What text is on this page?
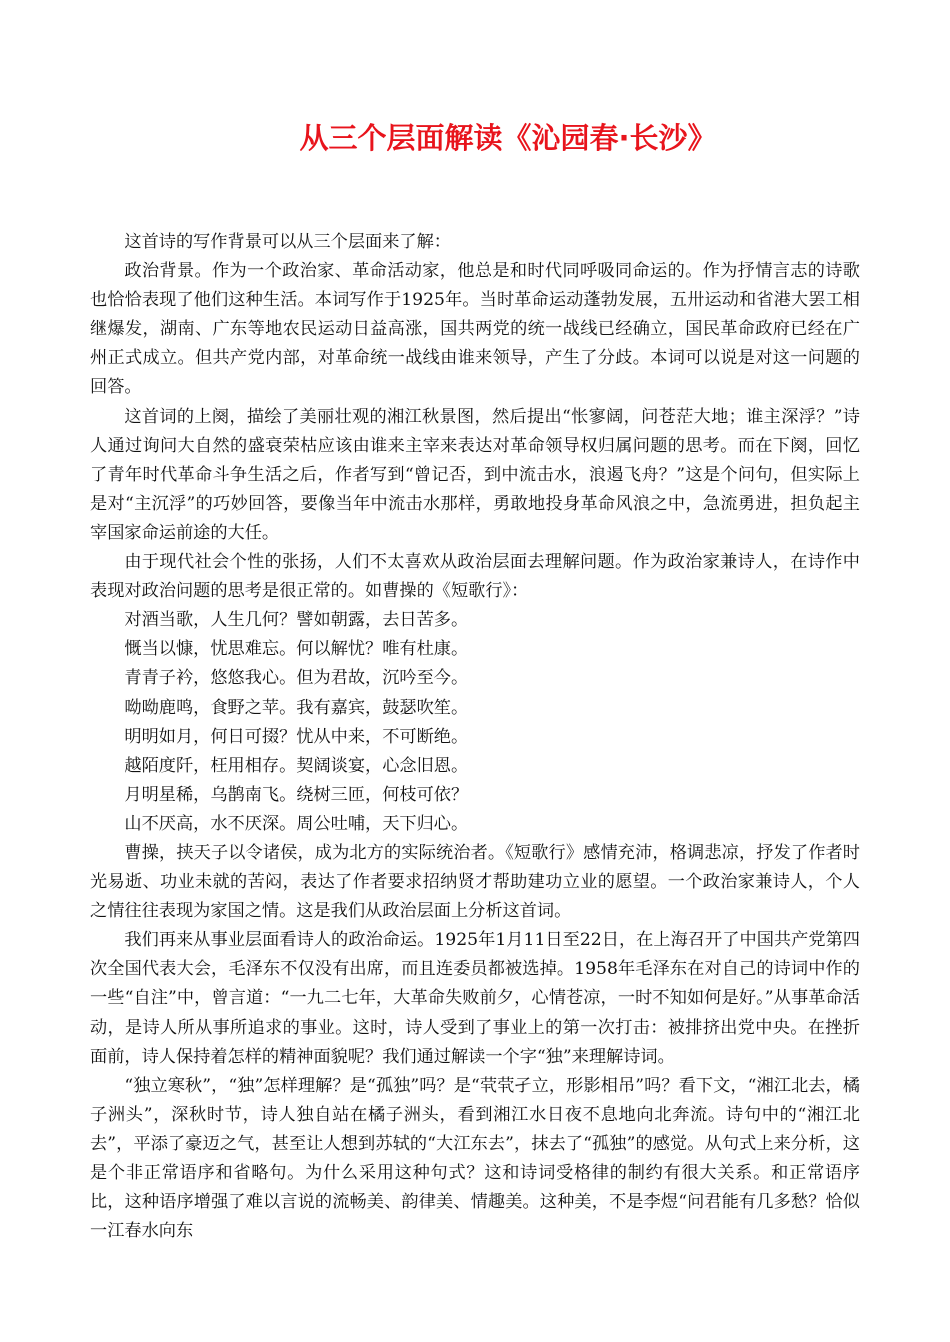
从三个层面解读《沁园春·长沙》

这首诗的写作背景可以从三个层面来了解：

政治背景。作为一个政治家、革命活动家，他总是和时代同呼吸同命运的。作为抒情言志的诗歌也恰恰表现了他们这种生活。本词写作于1925年。当时革命运动蓬勃发展，五卅运动和省港大罢工相继爆发，湖南、广东等地农民运动日益高涨，国共两党的统一战线已经确立，国民革命政府已经在广州正式成立。但共产党内部，对革命统一战线由谁来领导，产生了分歧。本词可以说是对这一问题的回答。

这首词的上阕，描绘了美丽壮观的湘江秋景图，然后提出“怅寥阔，问苍茫大地；谁主深浮？”诗人通过询问大自然的盛衰荣枯应该由谁来主宰来表达对革命领导权归属问题的思考。而在下阕，回忆了青年时代革命斗争生活之后，作者写到“曾记否，到中流击水，浪遏飞舟？”这是个问句，但实际上是对“主沉浮”的巧妙回答，要像当年中流击水那样，勇敢地投身革命风浪之中，急流勇进，担负起主宰国家命运前途的大任。

由于现代社会个性的张扬，人们不太喜欢从政治层面去理解问题。作为政治家兼诗人，在诗作中表现对政治问题的思考是很正常的。如曹操的《短歌行》：

对酒当歌，人生几何？譬如朝露，去日苦多。

慨当以慷，忧思难忘。何以解忧？唯有杜康。

青青子衿，悠悠我心。但为君故，沉吟至今。

呦呦鹿鸣，食野之苹。我有嘉宾，鼓瑟吹笙。

明明如月，何日可掇？忧从中来，不可断绝。

越陌度阡，枉用相存。契阔谈宴，心念旧恩。

月明星稀，乌鹊南飞。绕树三匝，何枝可依？

山不厌高，水不厌深。周公吐哺，天下归心。

曹操，挟天子以令诸侯，成为北方的实际统治者。《短歌行》感情充沛，格调悲凉，抒发了作者时光易逝、功业未就的苦闷，表达了作者要求招纳贤才帮助建功立业的愿望。一个政治家兼诗人，个人之情往往表现为家国之情。这是我们从政治层面上分析这首词。

我们再来从事业层面看诗人的政治命运。1925年1月11日至22日，在上海召开了中国共产党第四次全国代表大会，毛泽东不仅没有出席，而且连委员都被选掉。1958年毛泽东在对自己的诗词中作的一些“自注”中，曾言道：“一九二七年，大革命失败前夕，心情苍凉，一时不知如何是好。”从事革命活动，是诗人所从事所追求的事业。这时，诗人受到了事业上的第一次打击：被排挤出党中央。在挫折面前，诗人保持着怎样的精神面貌呢？我们通过解读一个字“独”来理解诗词。

“独立寒秋”，“独”怎样理解？是“孤独”吗？是“茕茕孑立，形影相吊”吗？看下文，“湘江北去，橘子洲头”，深秋时节，诗人独自站在橘子洲头，看到湘江水日夜不息地向北奔流。诗句中的“湘江北去”，平添了豪迈之气，甚至让人想到苏轼的“大江东去”，抹去了“孤独”的感觉。从句式上来分析，这是个非正常语序和省略句。为什么采用这种句式？这和诗词受格律的制约有很大关系。和正常语序比，这种语序增强了难以言说的流畅美、韵律美、情趣美。这种美，不是李煜“问君能有几多愁？恰似一江春水向东
